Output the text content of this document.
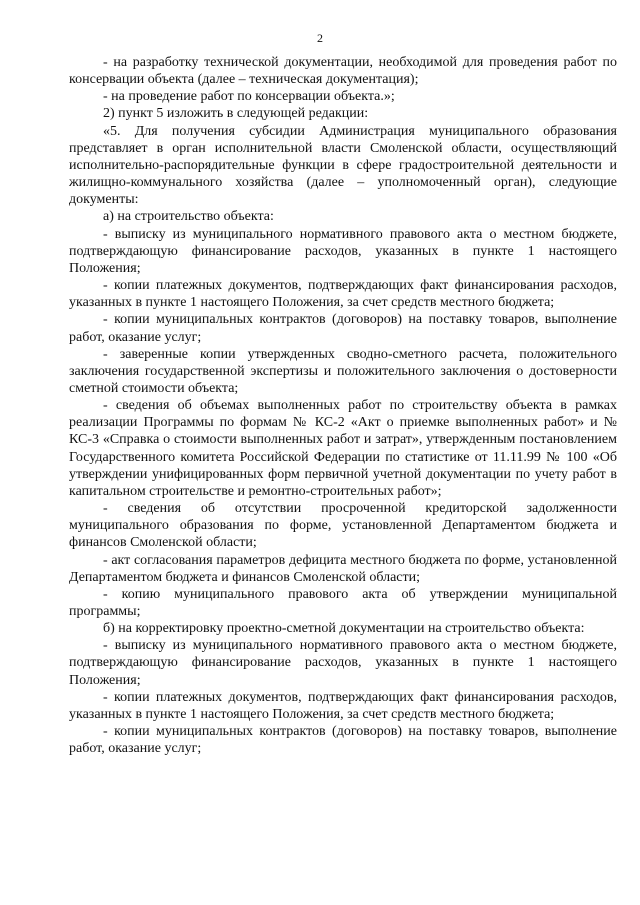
2

- на разработку технической документации, необходимой для проведения работ по консервации объекта (далее – техническая документация);

- на проведение работ по консервации объекта.»;

2) пункт 5 изложить в следующей редакции:

«5. Для получения субсидии Администрация муниципального образования представляет в орган исполнительной власти Смоленской области, осуществляющий исполнительно-распорядительные функции в сфере градостроительной деятельности и жилищно-коммунального хозяйства (далее – уполномоченный орган), следующие документы:

а) на строительство объекта:

- выписку из муниципального нормативного правового акта о местном бюджете, подтверждающую финансирование расходов, указанных в пункте 1 настоящего Положения;

- копии платежных документов, подтверждающих факт финансирования расходов, указанных в пункте 1 настоящего Положения, за счет средств местного бюджета;

- копии муниципальных контрактов (договоров) на поставку товаров, выполнение работ, оказание услуг;

- заверенные копии утвержденных сводно-сметного расчета, положительного заключения государственной экспертизы и положительного заключения о достоверности сметной стоимости объекта;

- сведения об объемах выполненных работ по строительству объекта в рамках реализации Программы по формам № КС-2 «Акт о приемке выполненных работ» и № КС-3 «Справка о стоимости выполненных работ и затрат», утвержденным постановлением Государственного комитета Российской Федерации по статистике от 11.11.99 № 100 «Об утверждении унифицированных форм первичной учетной документации по учету работ в капитальном строительстве и ремонтно-строительных работ»;

- сведения об отсутствии просроченной кредиторской задолженности муниципального образования по форме, установленной Департаментом бюджета и финансов Смоленской области;

- акт согласования параметров дефицита местного бюджета по форме, установленной Департаментом бюджета и финансов Смоленской области;

- копию муниципального правового акта об утверждении муниципальной программы;

б) на корректировку проектно-сметной документации на строительство объекта:

- выписку из муниципального нормативного правового акта о местном бюджете, подтверждающую финансирование расходов, указанных в пункте 1 настоящего Положения;

- копии платежных документов, подтверждающих факт финансирования расходов, указанных в пункте 1 настоящего Положения, за счет средств местного бюджета;

- копии муниципальных контрактов (договоров) на поставку товаров, выполнение работ, оказание услуг;
